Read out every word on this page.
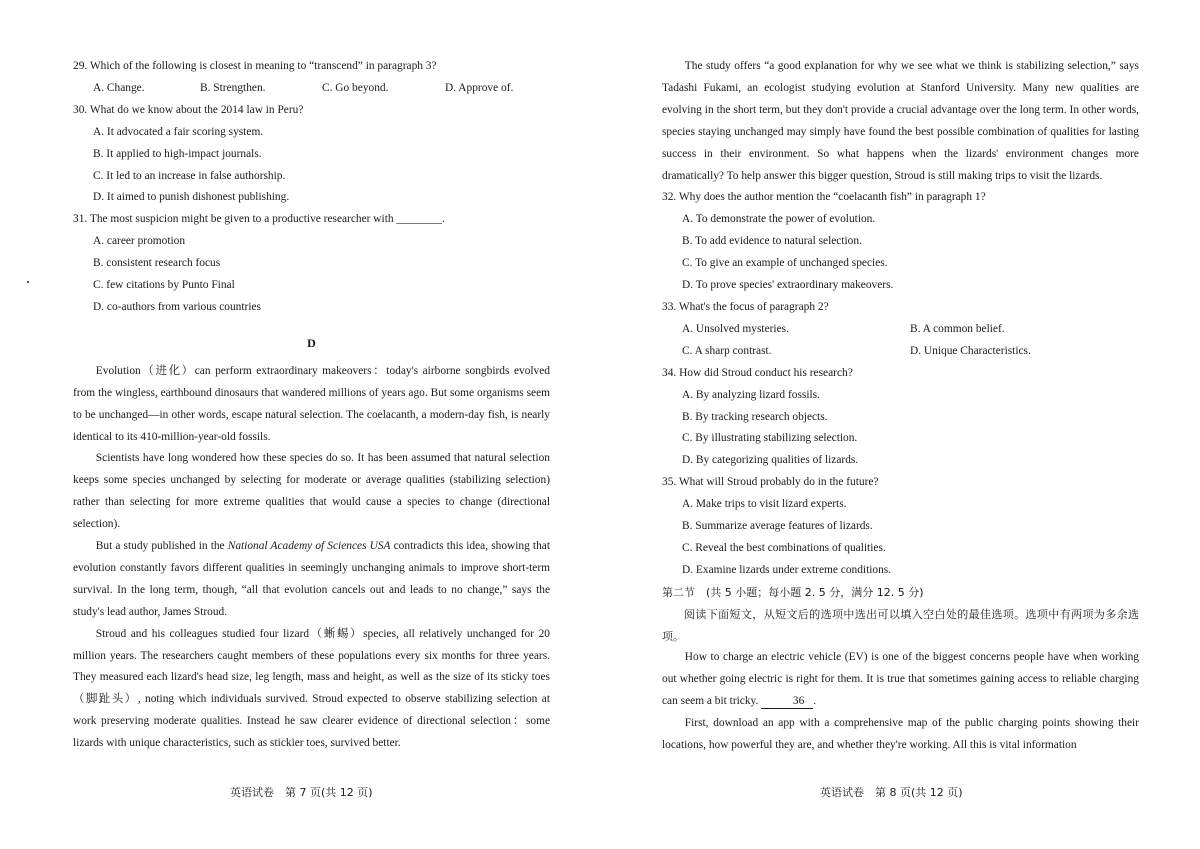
29. Which of the following is closest in meaning to “transcend” in paragraph 3?
A. Change.	B. Strengthen.	C. Go beyond.	D. Approve of.
30. What do we know about the 2014 law in Peru?
A. It advocated a fair scoring system.
B. It applied to high-impact journals.
C. It led to an increase in false authorship.
D. It aimed to punish dishonest publishing.
31. The most suspicion might be given to a productive researcher with ________.
A. career promotion
B. consistent research focus
C. few citations by Punto Final
D. co-authors from various countries
D
Evolution（进化）can perform extraordinary makeovers：today's airborne songbirds evolved from the wingless, earthbound dinosaurs that wandered millions of years ago. But some organisms seem to be unchanged—in other words, escape natural selection. The coelacanth, a modern-day fish, is nearly identical to its 410-million-year-old fossils.
Scientists have long wondered how these species do so. It has been assumed that natural selection keeps some species unchanged by selecting for moderate or average qualities (stabilizing selection) rather than selecting for more extreme qualities that would cause a species to change (directional selection).
But a study published in the National Academy of Sciences USA contradicts this idea, showing that evolution constantly favors different qualities in seemingly unchanging animals to improve short-term survival. In the long term, though, “all that evolution cancels out and leads to no change,” says the study's lead author, James Stroud.
Stroud and his colleagues studied four lizard（蜥蜴）species, all relatively unchanged for 20 million years. The researchers caught members of these populations every six months for three years. They measured each lizard's head size, leg length, mass and height, as well as the size of its sticky toes（脚趾头）, noting which individuals survived. Stroud expected to observe stabilizing selection at work preserving moderate qualities. Instead he saw clearer evidence of directional selection：some lizards with unique characteristics, such as stickier toes, survived better.
英语试卷　第 7 页(共 12 页)
The study offers “a good explanation for why we see what we think is stabilizing selection,” says Tadashi Fukami, an ecologist studying evolution at Stanford University. Many new qualities are evolving in the short term, but they don't provide a crucial advantage over the long term. In other words, species staying unchanged may simply have found the best possible combination of qualities for lasting success in their environment. So what happens when the lizards' environment changes more dramatically? To help answer this bigger question, Stroud is still making trips to visit the lizards.
32. Why does the author mention the “coelacanth fish” in paragraph 1?
A. To demonstrate the power of evolution.
B. To add evidence to natural selection.
C. To give an example of unchanged species.
D. To prove species' extraordinary makeovers.
33. What's the focus of paragraph 2?
A. Unsolved mysteries.	B. A common belief.
C. A sharp contrast.	D. Unique Characteristics.
34. How did Stroud conduct his research?
A. By analyzing lizard fossils.
B. By tracking research objects.
C. By illustrating stabilizing selection.
D. By categorizing qualities of lizards.
35. What will Stroud probably do in the future?
A. Make trips to visit lizard experts.
B. Summarize average features of lizards.
C. Reveal the best combinations of qualities.
D. Examine lizards under extreme conditions.
第二节　(共 5 小题；每小题 2. 5 分，满分 12. 5 分)
阅读下面短文，从短文后的选项中选出可以填入空白处的最佳选项。选项中有两项为多余选项。
How to charge an electric vehicle (EV) is one of the biggest concerns people have when working out whether going electric is right for them. It is true that sometimes gaining access to reliable charging can seem a bit tricky.	36 .
First, download an app with a comprehensive map of the public charging points showing their locations, how powerful they are, and whether they're working. All this is vital information
英语试卷　第 8 页(共 12 页)
